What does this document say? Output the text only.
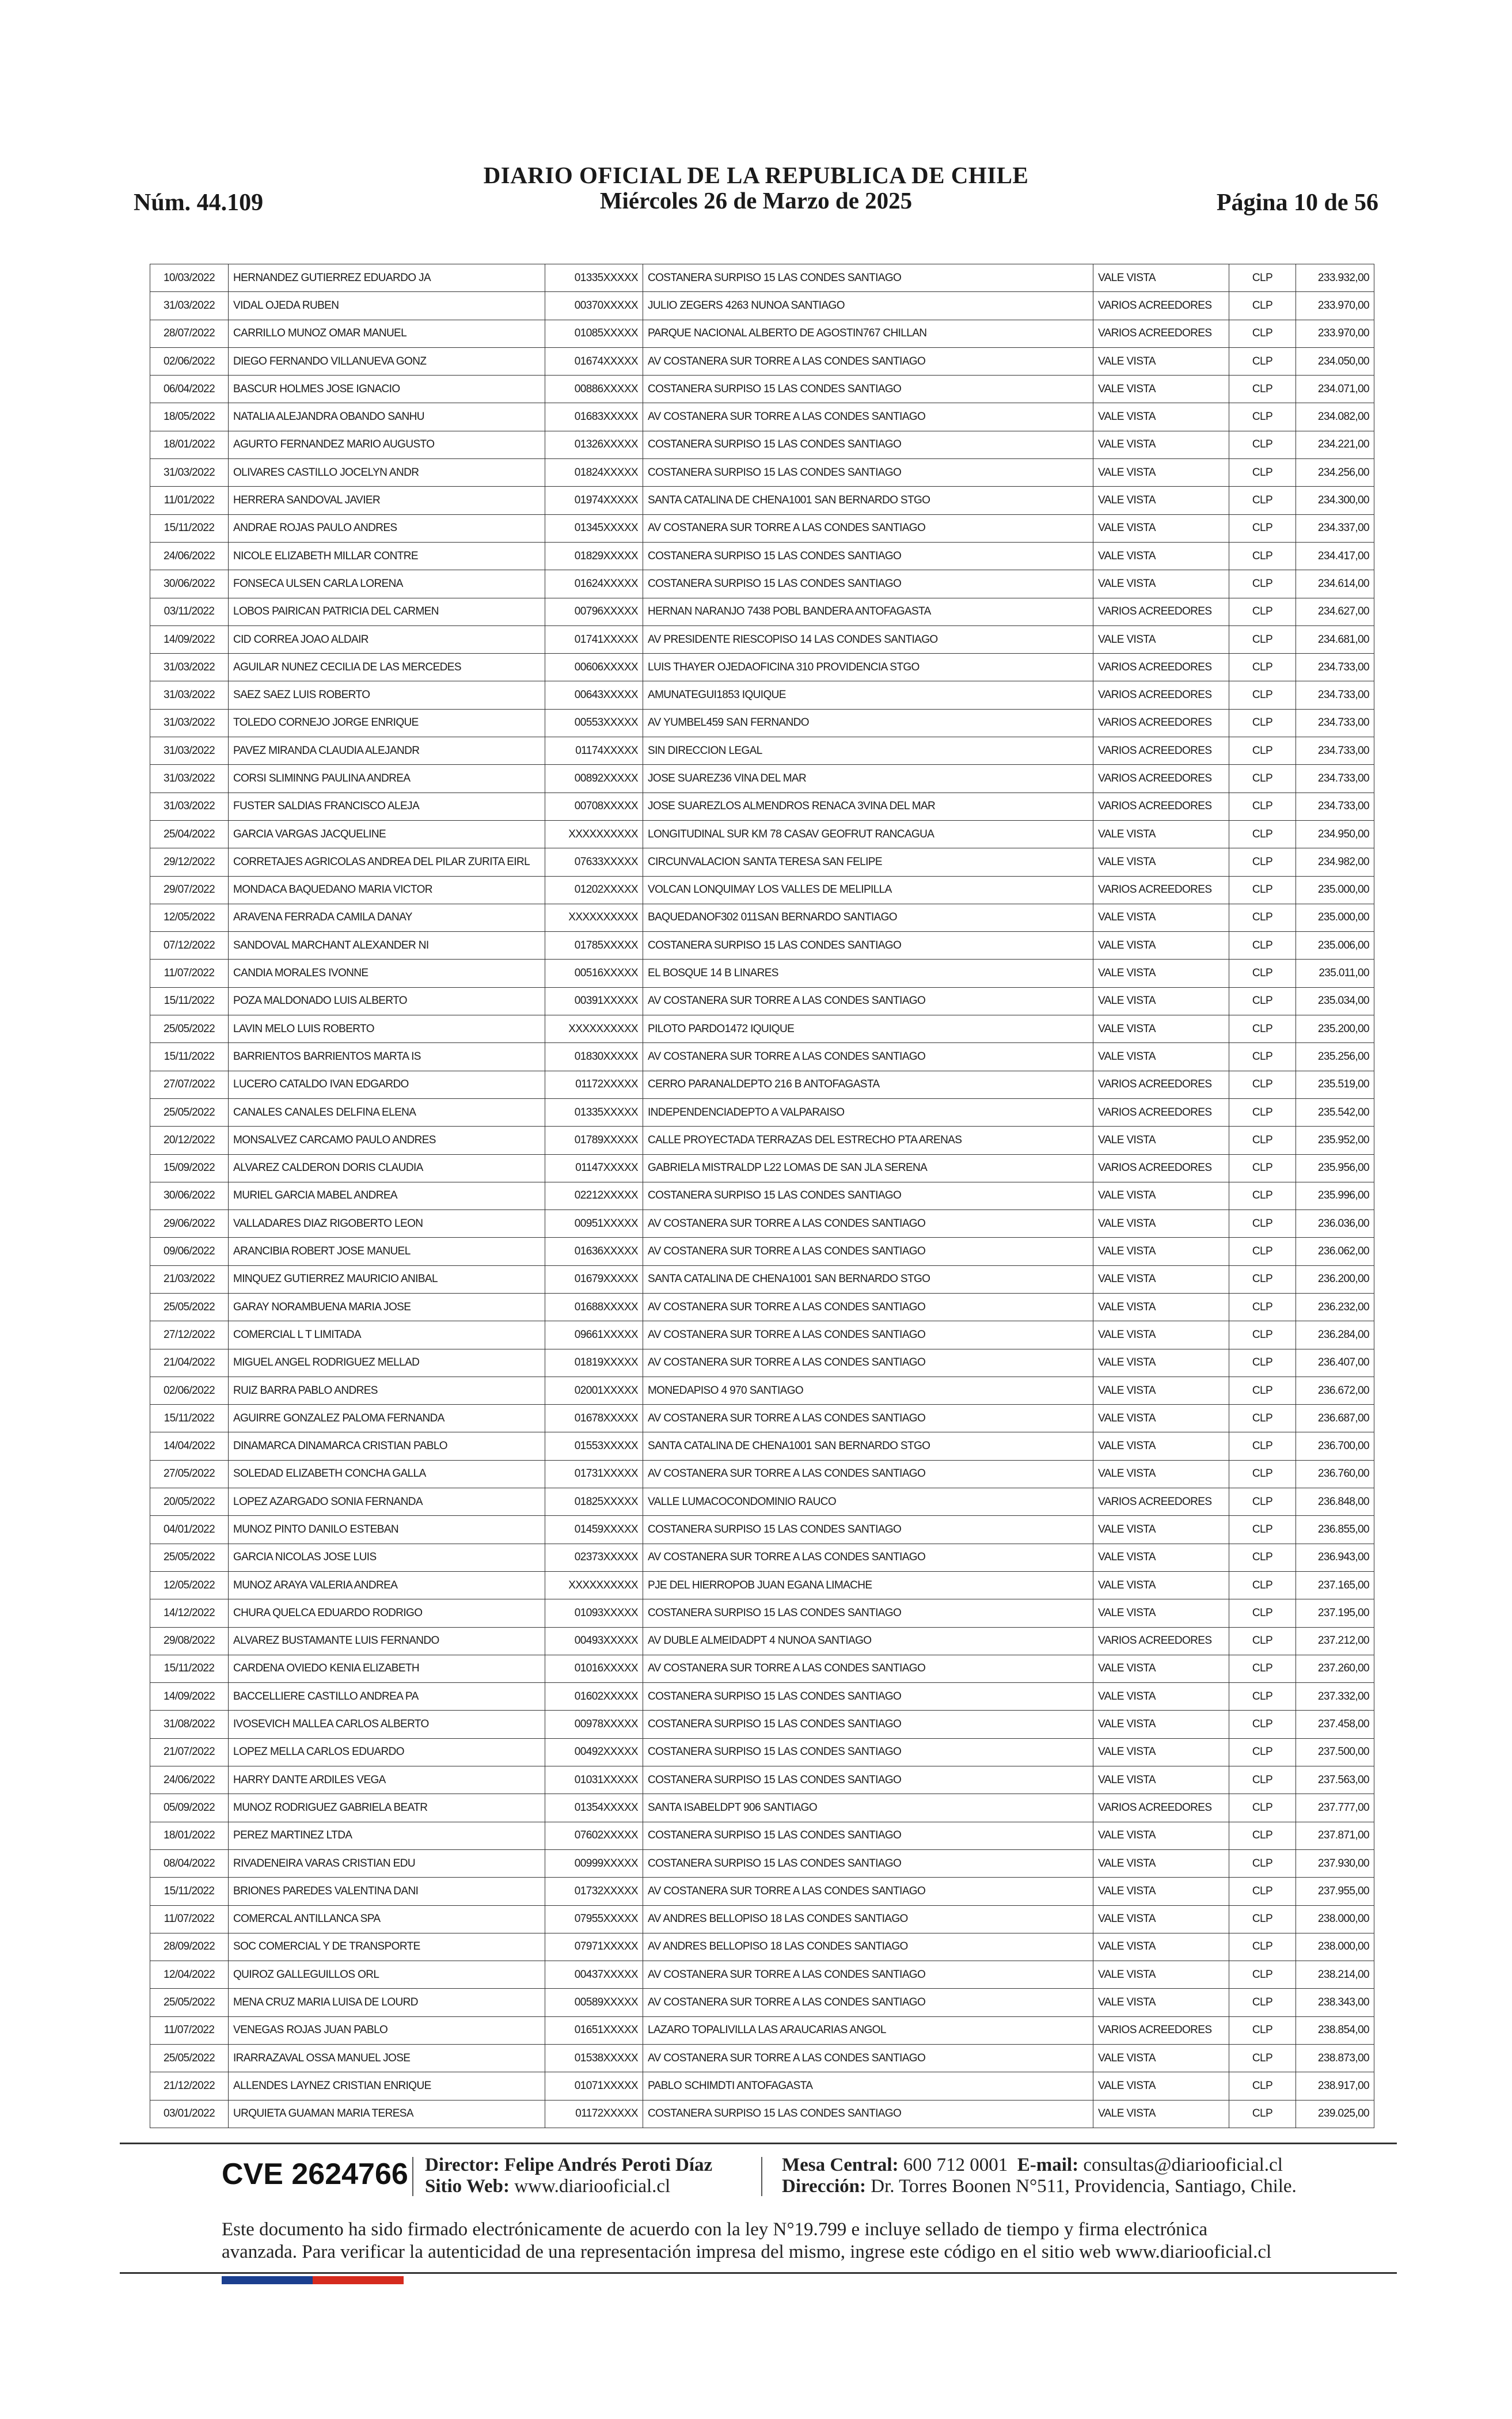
DIARIO OFICIAL DE LA REPUBLICA DE CHILE
Miércoles 26 de Marzo de 2025
Núm. 44.109	Página 10 de 56
10/03/2022	HERNANDEZ GUTIERREZ EDUARDO JA	01335XXXXX	COSTANERA SURPISO 15 LAS CONDES SANTIAGO	VALE VISTA	CLP	233.932,00
31/03/2022	VIDAL OJEDA RUBEN	00370XXXXX	JULIO ZEGERS 4263 NUNOA SANTIAGO	VARIOS ACREEDORES	CLP	233.970,00
28/07/2022	CARRILLO MUNOZ OMAR MANUEL	01085XXXXX	PARQUE NACIONAL ALBERTO DE AGOSTIN767 CHILLAN	VARIOS ACREEDORES	CLP	233.970,00
02/06/2022	DIEGO FERNANDO VILLANUEVA GONZ	01674XXXXX	AV COSTANERA SUR TORRE A LAS CONDES SANTIAGO	VALE VISTA	CLP	234.050,00
06/04/2022	BASCUR HOLMES JOSE IGNACIO	00886XXXXX	COSTANERA SURPISO 15 LAS CONDES SANTIAGO	VALE VISTA	CLP	234.071,00
18/05/2022	NATALIA ALEJANDRA OBANDO SANHU	01683XXXXX	AV COSTANERA SUR TORRE A LAS CONDES SANTIAGO	VALE VISTA	CLP	234.082,00
18/01/2022	AGURTO FERNANDEZ MARIO AUGUSTO	01326XXXXX	COSTANERA SURPISO 15 LAS CONDES SANTIAGO	VALE VISTA	CLP	234.221,00
31/03/2022	OLIVARES CASTILLO JOCELYN ANDR	01824XXXXX	COSTANERA SURPISO 15 LAS CONDES SANTIAGO	VALE VISTA	CLP	234.256,00
11/01/2022	HERRERA SANDOVAL JAVIER	01974XXXXX	SANTA CATALINA DE CHENA1001 SAN BERNARDO STGO	VALE VISTA	CLP	234.300,00
15/11/2022	ANDRAE ROJAS PAULO ANDRES	01345XXXXX	AV COSTANERA SUR TORRE A LAS CONDES SANTIAGO	VALE VISTA	CLP	234.337,00
24/06/2022	NICOLE ELIZABETH MILLAR CONTRE	01829XXXXX	COSTANERA SURPISO 15 LAS CONDES SANTIAGO	VALE VISTA	CLP	234.417,00
30/06/2022	FONSECA ULSEN CARLA LORENA	01624XXXXX	COSTANERA SURPISO 15 LAS CONDES SANTIAGO	VALE VISTA	CLP	234.614,00
03/11/2022	LOBOS PAIRICAN PATRICIA DEL CARMEN	00796XXXXX	HERNAN NARANJO 7438 POBL BANDERA ANTOFAGASTA	VARIOS ACREEDORES	CLP	234.627,00
14/09/2022	CID CORREA JOAO ALDAIR	01741XXXXX	AV PRESIDENTE RIESCOPISO 14 LAS CONDES SANTIAGO	VALE VISTA	CLP	234.681,00
31/03/2022	AGUILAR NUNEZ CECILIA DE LAS MERCEDES	00606XXXXX	LUIS THAYER OJEDAOFICINA 310 PROVIDENCIA STGO	VARIOS ACREEDORES	CLP	234.733,00
31/03/2022	SAEZ SAEZ LUIS ROBERTO	00643XXXXX	AMUNATEGUI1853 IQUIQUE	VARIOS ACREEDORES	CLP	234.733,00
31/03/2022	TOLEDO CORNEJO JORGE ENRIQUE	00553XXXXX	AV YUMBEL459 SAN FERNANDO	VARIOS ACREEDORES	CLP	234.733,00
31/03/2022	PAVEZ MIRANDA CLAUDIA ALEJANDR	01174XXXXX	SIN DIRECCION LEGAL	VARIOS ACREEDORES	CLP	234.733,00
31/03/2022	CORSI SLIMINNG PAULINA ANDREA	00892XXXXX	JOSE SUAREZ36 VINA DEL MAR	VARIOS ACREEDORES	CLP	234.733,00
31/03/2022	FUSTER SALDIAS FRANCISCO ALEJA	00708XXXXX	JOSE SUAREZLOS ALMENDROS RENACA 3VINA DEL MAR	VARIOS ACREEDORES	CLP	234.733,00
25/04/2022	GARCIA VARGAS JACQUELINE	XXXXXXXXXX	LONGITUDINAL SUR KM 78 CASAV GEOFRUT RANCAGUA	VALE VISTA	CLP	234.950,00
29/12/2022	CORRETAJES AGRICOLAS ANDREA DEL PILAR ZURITA EIRL	07633XXXXX	CIRCUNVALACION SANTA TERESA SAN FELIPE	VALE VISTA	CLP	234.982,00
29/07/2022	MONDACA BAQUEDANO MARIA VICTOR	01202XXXXX	VOLCAN LONQUIMAY LOS VALLES DE MELIPILLA	VARIOS ACREEDORES	CLP	235.000,00
12/05/2022	ARAVENA FERRADA CAMILA DANAY	XXXXXXXXXX	BAQUEDANOF302 011SAN BERNARDO SANTIAGO	VALE VISTA	CLP	235.000,00
07/12/2022	SANDOVAL MARCHANT ALEXANDER NI	01785XXXXX	COSTANERA SURPISO 15 LAS CONDES SANTIAGO	VALE VISTA	CLP	235.006,00
11/07/2022	CANDIA MORALES IVONNE	00516XXXXX	EL BOSQUE 14 B LINARES	VALE VISTA	CLP	235.011,00
15/11/2022	POZA MALDONADO LUIS ALBERTO	00391XXXXX	AV COSTANERA SUR TORRE A LAS CONDES SANTIAGO	VALE VISTA	CLP	235.034,00
25/05/2022	LAVIN MELO LUIS ROBERTO	XXXXXXXXXX	PILOTO PARDO1472 IQUIQUE	VALE VISTA	CLP	235.200,00
15/11/2022	BARRIENTOS BARRIENTOS MARTA IS	01830XXXXX	AV COSTANERA SUR TORRE A LAS CONDES SANTIAGO	VALE VISTA	CLP	235.256,00
27/07/2022	LUCERO CATALDO IVAN EDGARDO	01172XXXXX	CERRO PARANALDEPTO 216 B ANTOFAGASTA	VARIOS ACREEDORES	CLP	235.519,00
25/05/2022	CANALES CANALES DELFINA ELENA	01335XXXXX	INDEPENDENCIADEPTO A VALPARAISO	VARIOS ACREEDORES	CLP	235.542,00
20/12/2022	MONSALVEZ CARCAMO PAULO ANDRES	01789XXXXX	CALLE PROYECTADA TERRAZAS DEL ESTRECHO PTA ARENAS	VALE VISTA	CLP	235.952,00
15/09/2022	ALVAREZ CALDERON DORIS CLAUDIA	01147XXXXX	GABRIELA MISTRALDP L22 LOMAS DE SAN JLA SERENA	VARIOS ACREEDORES	CLP	235.956,00
30/06/2022	MURIEL GARCIA MABEL ANDREA	02212XXXXX	COSTANERA SURPISO 15 LAS CONDES SANTIAGO	VALE VISTA	CLP	235.996,00
29/06/2022	VALLADARES DIAZ RIGOBERTO LEON	00951XXXXX	AV COSTANERA SUR TORRE A LAS CONDES SANTIAGO	VALE VISTA	CLP	236.036,00
09/06/2022	ARANCIBIA ROBERT JOSE MANUEL	01636XXXXX	AV COSTANERA SUR TORRE A LAS CONDES SANTIAGO	VALE VISTA	CLP	236.062,00
21/03/2022	MINQUEZ GUTIERREZ MAURICIO ANIBAL	01679XXXXX	SANTA CATALINA DE CHENA1001 SAN BERNARDO STGO	VALE VISTA	CLP	236.200,00
25/05/2022	GARAY NORAMBUENA MARIA JOSE	01688XXXXX	AV COSTANERA SUR TORRE A LAS CONDES SANTIAGO	VALE VISTA	CLP	236.232,00
27/12/2022	COMERCIAL L T LIMITADA	09661XXXXX	AV COSTANERA SUR TORRE A LAS CONDES SANTIAGO	VALE VISTA	CLP	236.284,00
21/04/2022	MIGUEL ANGEL RODRIGUEZ MELLAD	01819XXXXX	AV COSTANERA SUR TORRE A LAS CONDES SANTIAGO	VALE VISTA	CLP	236.407,00
02/06/2022	RUIZ BARRA PABLO ANDRES	02001XXXXX	MONEDAPISO 4 970 SANTIAGO	VALE VISTA	CLP	236.672,00
15/11/2022	AGUIRRE GONZALEZ PALOMA FERNANDA	01678XXXXX	AV COSTANERA SUR TORRE A LAS CONDES SANTIAGO	VALE VISTA	CLP	236.687,00
14/04/2022	DINAMARCA DINAMARCA CRISTIAN PABLO	01553XXXXX	SANTA CATALINA DE CHENA1001 SAN BERNARDO STGO	VALE VISTA	CLP	236.700,00
27/05/2022	SOLEDAD ELIZABETH CONCHA GALLA	01731XXXXX	AV COSTANERA SUR TORRE A LAS CONDES SANTIAGO	VALE VISTA	CLP	236.760,00
20/05/2022	LOPEZ AZARGADO SONIA FERNANDA	01825XXXXX	VALLE LUMACOCONDOMINIO RAUCO	VARIOS ACREEDORES	CLP	236.848,00
04/01/2022	MUNOZ PINTO DANILO ESTEBAN	01459XXXXX	COSTANERA SURPISO 15 LAS CONDES SANTIAGO	VALE VISTA	CLP	236.855,00
25/05/2022	GARCIA NICOLAS JOSE LUIS	02373XXXXX	AV COSTANERA SUR TORRE A LAS CONDES SANTIAGO	VALE VISTA	CLP	236.943,00
12/05/2022	MUNOZ ARAYA VALERIA ANDREA	XXXXXXXXXX	PJE DEL HIERROPOB JUAN EGANA LIMACHE	VALE VISTA	CLP	237.165,00
14/12/2022	CHURA QUELCA EDUARDO RODRIGO	01093XXXXX	COSTANERA SURPISO 15 LAS CONDES SANTIAGO	VALE VISTA	CLP	237.195,00
29/08/2022	ALVAREZ BUSTAMANTE LUIS FERNANDO	00493XXXXX	AV DUBLE ALMEIDADPT 4 NUNOA SANTIAGO	VARIOS ACREEDORES	CLP	237.212,00
15/11/2022	CARDENA OVIEDO KENIA ELIZABETH	01016XXXXX	AV COSTANERA SUR TORRE A LAS CONDES SANTIAGO	VALE VISTA	CLP	237.260,00
14/09/2022	BACCELLIERE CASTILLO ANDREA PA	01602XXXXX	COSTANERA SURPISO 15 LAS CONDES SANTIAGO	VALE VISTA	CLP	237.332,00
31/08/2022	IVOSEVICH MALLEA CARLOS ALBERTO	00978XXXXX	COSTANERA SURPISO 15 LAS CONDES SANTIAGO	VALE VISTA	CLP	237.458,00
21/07/2022	LOPEZ MELLA CARLOS EDUARDO	00492XXXXX	COSTANERA SURPISO 15 LAS CONDES SANTIAGO	VALE VISTA	CLP	237.500,00
24/06/2022	HARRY DANTE ARDILES VEGA	01031XXXXX	COSTANERA SURPISO 15 LAS CONDES SANTIAGO	VALE VISTA	CLP	237.563,00
05/09/2022	MUNOZ RODRIGUEZ GABRIELA BEATR	01354XXXXX	SANTA ISABELDPT 906 SANTIAGO	VARIOS ACREEDORES	CLP	237.777,00
18/01/2022	PEREZ MARTINEZ LTDA	07602XXXXX	COSTANERA SURPISO 15 LAS CONDES SANTIAGO	VALE VISTA	CLP	237.871,00
08/04/2022	RIVADENEIRA VARAS CRISTIAN EDU	00999XXXXX	COSTANERA SURPISO 15 LAS CONDES SANTIAGO	VALE VISTA	CLP	237.930,00
15/11/2022	BRIONES PAREDES VALENTINA DANI	01732XXXXX	AV COSTANERA SUR TORRE A LAS CONDES SANTIAGO	VALE VISTA	CLP	237.955,00
11/07/2022	COMERCAL ANTILLANCA SPA	07955XXXXX	AV ANDRES BELLOPISO 18 LAS CONDES SANTIAGO	VALE VISTA	CLP	238.000,00
28/09/2022	SOC COMERCIAL Y DE TRANSPORTE	07971XXXXX	AV ANDRES BELLOPISO 18 LAS CONDES SANTIAGO	VALE VISTA	CLP	238.000,00
12/04/2022	QUIROZ GALLEGUILLOS ORL	00437XXXXX	AV COSTANERA SUR TORRE A LAS CONDES SANTIAGO	VALE VISTA	CLP	238.214,00
25/05/2022	MENA CRUZ MARIA LUISA DE LOURD	00589XXXXX	AV COSTANERA SUR TORRE A LAS CONDES SANTIAGO	VALE VISTA	CLP	238.343,00
11/07/2022	VENEGAS ROJAS JUAN PABLO	01651XXXXX	LAZARO TOPALIVILLA LAS ARAUCARIAS ANGOL	VARIOS ACREEDORES	CLP	238.854,00
25/05/2022	IRARRAZAVAL OSSA MANUEL JOSE	01538XXXXX	AV COSTANERA SUR TORRE A LAS CONDES SANTIAGO	VALE VISTA	CLP	238.873,00
21/12/2022	ALLENDES LAYNEZ CRISTIAN ENRIQUE	01071XXXXX	PABLO SCHIMDTI ANTOFAGASTA	VALE VISTA	CLP	238.917,00
03/01/2022	URQUIETA GUAMAN MARIA TERESA	01172XXXXX	COSTANERA SURPISO 15 LAS CONDES SANTIAGO	VALE VISTA	CLP	239.025,00
CVE 2624766 Director: Felipe Andrés Peroti Díaz
Sitio Web: www.diariooficial.cl
Mesa Central: 600 712 0001 E-mail: consultas@diariooficial.cl
Dirección: Dr. Torres Boonen N°511, Providencia, Santiago, Chile.
Este documento ha sido firmado electrónicamente de acuerdo con la ley N°19.799 e incluye sellado de tiempo y firma electrónica
avanzada. Para verificar la autenticidad de una representación impresa del mismo, ingrese este código en el sitio web www.diariooficial.cl
